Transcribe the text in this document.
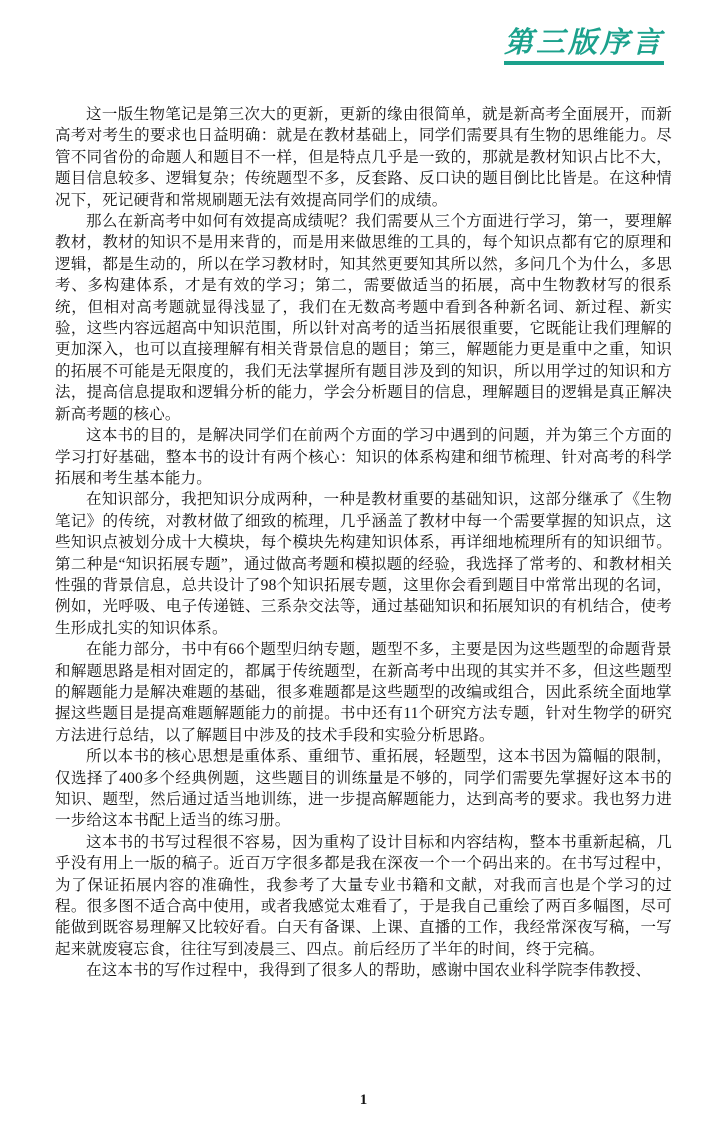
第三版序言

这一版生物笔记是第三次大的更新，更新的缘由很简单，就是新高考全面展开，而新高考对考生的要求也日益明确：就是在教材基础上，同学们需要具有生物的思维能力。尽管不同省份的命题人和题目不一样，但是特点几乎是一致的，那就是教材知识占比不大，题目信息较多、逻辑复杂；传统题型不多，反套路、反口诀的题目倒比比皆是。在这种情况下，死记硬背和常规刷题无法有效提高同学们的成绩。

那么在新高考中如何有效提高成绩呢？我们需要从三个方面进行学习，第一，要理解教材，教材的知识不是用来背的，而是用来做思维的工具的，每个知识点都有它的原理和逻辑，都是生动的，所以在学习教材时，知其然更要知其所以然，多问几个为什么，多思考、多构建体系，才是有效的学习；第二，需要做适当的拓展，高中生物教材写的很系统，但相对高考题就显得浅显了，我们在无数高考题中看到各种新名词、新过程、新实验，这些内容远超高中知识范围，所以针对高考的适当拓展很重要，它既能让我们理解的更加深入，也可以直接理解有相关背景信息的题目；第三，解题能力更是重中之重，知识的拓展不可能是无限度的，我们无法掌握所有题目涉及到的知识，所以用学过的知识和方法，提高信息提取和逻辑分析的能力，学会分析题目的信息，理解题目的逻辑是真正解决新高考题的核心。

这本书的目的，是解决同学们在前两个方面的学习中遇到的问题，并为第三个方面的学习打好基础，整本书的设计有两个核心：知识的体系构建和细节梳理、针对高考的科学拓展和考生基本能力。

在知识部分，我把知识分成两种，一种是教材重要的基础知识，这部分继承了《生物笔记》的传统，对教材做了细致的梳理，几乎涵盖了教材中每一个需要掌握的知识点，这些知识点被划分成十大模块，每个模块先构建知识体系，再详细地梳理所有的知识细节。第二种是“知识拓展专题”，通过做高考题和模拟题的经验，我选择了常考的、和教材相关性强的背景信息，总共设计了98个知识拓展专题，这里你会看到题目中常常出现的名词，例如，光呼吸、电子传递链、三系杂交法等，通过基础知识和拓展知识的有机结合，使考生形成扎实的知识体系。

在能力部分，书中有66个题型归纳专题，题型不多，主要是因为这些题型的命题背景和解题思路是相对固定的，都属于传统题型，在新高考中出现的其实并不多，但这些题型的解题能力是解决难题的基础，很多难题都是这些题型的改编或组合，因此系统全面地掌握这些题目是提高难题解题能力的前提。书中还有11个研究方法专题，针对生物学的研究方法进行总结，以了解题目中涉及的技术手段和实验分析思路。

所以本书的核心思想是重体系、重细节、重拓展，轻题型，这本书因为篇幅的限制，仅选择了400多个经典例题，这些题目的训练量是不够的，同学们需要先掌握好这本书的知识、题型，然后通过适当地训练，进一步提高解题能力，达到高考的要求。我也努力进一步给这本书配上适当的练习册。

这本书的书写过程很不容易，因为重构了设计目标和内容结构，整本书重新起稿，几乎没有用上一版的稿子。近百万字很多都是我在深夜一个一个码出来的。在书写过程中，为了保证拓展内容的准确性，我参考了大量专业书籍和文献，对我而言也是个学习的过程。很多图不适合高中使用，或者我感觉太难看了，于是我自己重绘了两百多幅图，尽可能做到既容易理解又比较好看。白天有备课、上课、直播的工作，我经常深夜写稿，一写起来就废寝忘食，往往写到凌晨三、四点。前后经历了半年的时间，终于完稿。

在这本书的写作过程中，我得到了很多人的帮助，感谢中国农业科学院李伟教授、

1
